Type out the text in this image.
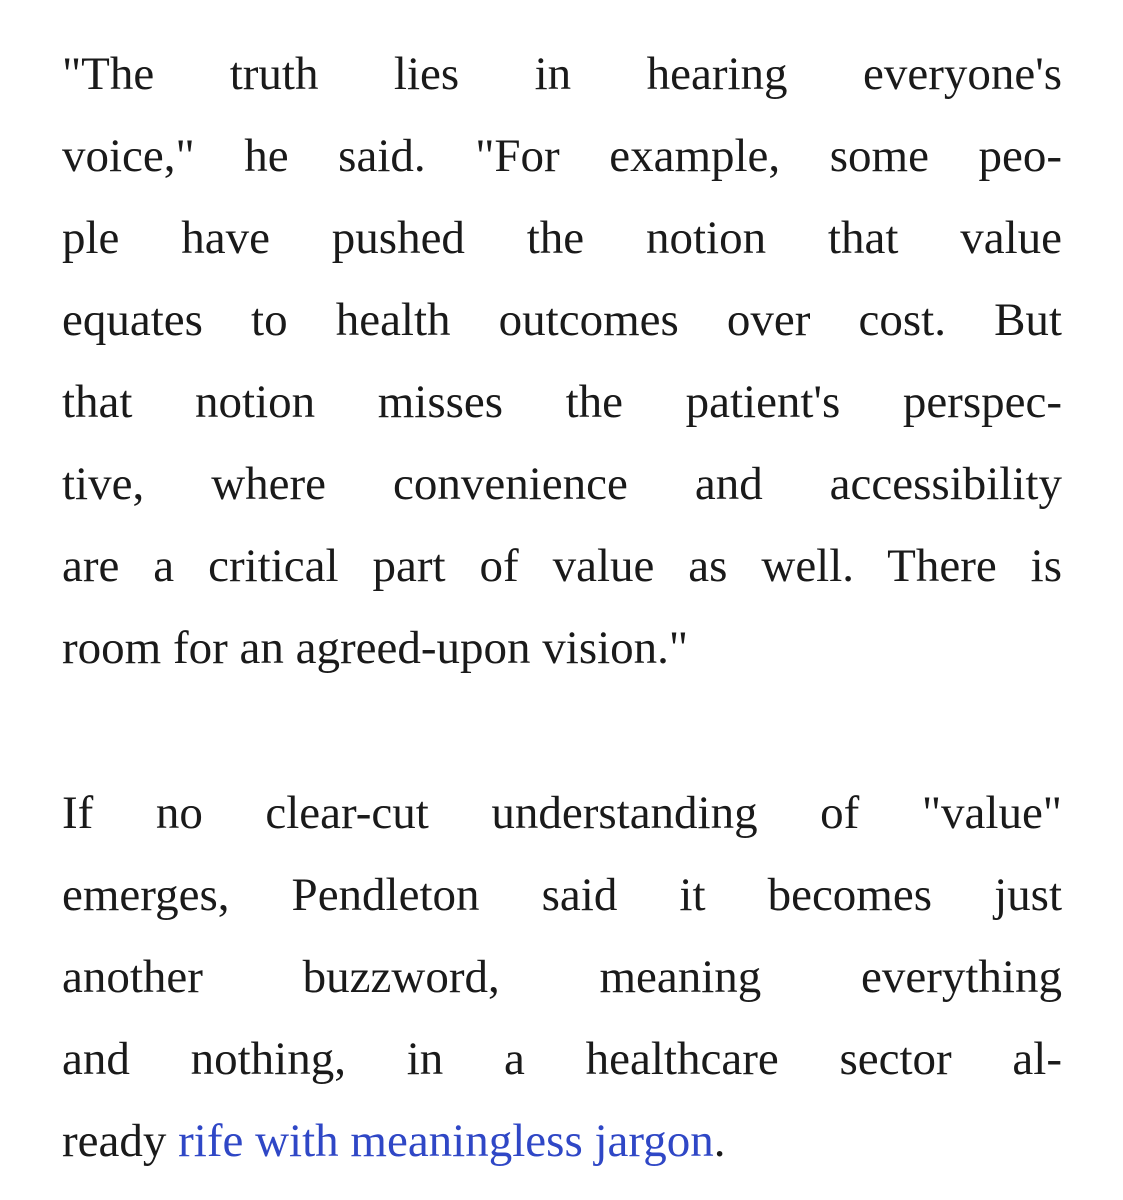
"The truth lies in hearing everyone's
voice," he said. "For example, some peo-
ple have pushed the notion that value
equates to health outcomes over cost. But
that notion misses the patient's perspec-
tive, where convenience and accessibility
are a critical part of value as well. There is
room for an agreed-upon vision."

If no clear-cut understanding of "value"
emerges, Pendleton said it becomes just
another buzzword, meaning everything
and nothing, in a healthcare sector al-
ready rife with meaningless jargon.
